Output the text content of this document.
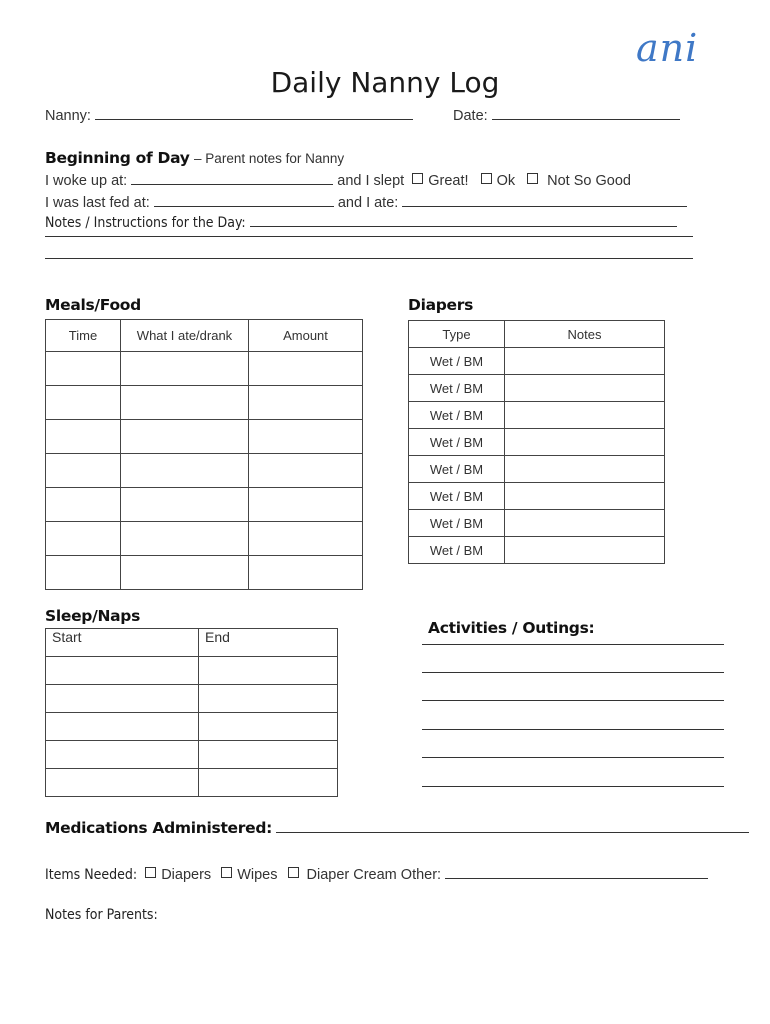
ani
Daily Nanny Log
Nanny:	Date:
Beginning of Day – Parent notes for Nanny
I woke up at:	and I slept Great! Ok Not So Good
I was last fed at:	and I ate:
Notes / Instructions for the Day:
Meals/Food
Time	What I ate/drank	Amount

Diapers
Type	Notes
Wet / BM	
Wet / BM	
Wet / BM	
Wet / BM	
Wet / BM	
Wet / BM	
Wet / BM	
Wet / BM	
Sleep/Naps
Start	End

		Activities / Outings:
Medications Administered:
Items Needed: Diapers Wipes Diaper Cream Other:
Notes for Parents:
